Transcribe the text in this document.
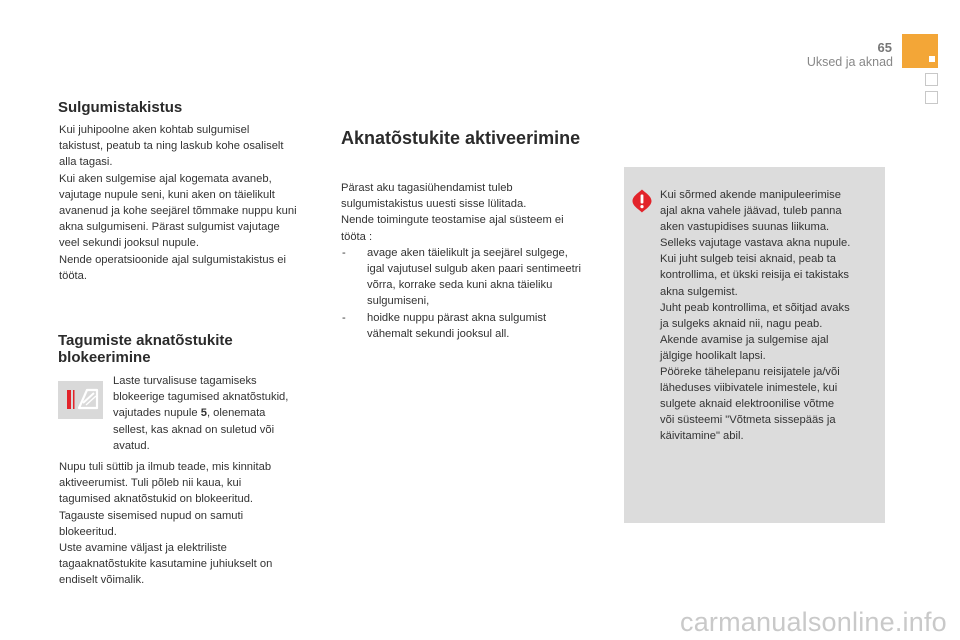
65
Uksed ja aknad
Sulgumistakistus
Kui juhipoolne aken kohtab sulgumisel
takistust, peatub ta ning laskub kohe osaliselt
alla tagasi.
Kui aken sulgemise ajal kogemata avaneb,
vajutage nupule seni, kuni aken on täielikult
avanenud ja kohe seejärel tõmmake nuppu kuni
akna sulgumiseni. Pärast sulgumist vajutage
veel sekundi jooksul nupule.
Nende operatsioonide ajal sulgumistakistus ei
tööta.
Tagumiste aknatõstukite
blokeerimine
Laste turvalisuse tagamiseks
blokeerige tagumised aknatõstukid,
vajutades nupule 5, olenemata
sellest, kas aknad on suletud või
avatud.
Nupu tuli süttib ja ilmub teade, mis kinnitab
aktiveerumist. Tuli põleb nii kaua, kui
tagumised aknatõstukid on blokeeritud.
Tagauste sisemised nupud on samuti
blokeeritud.
Uste avamine väljast ja elektriliste
tagaaknatõstukite kasutamine juhiukselt on
endiselt võimalik.
Aknatõstukite aktiveerimine
Pärast aku tagasiühendamist tuleb
sulgumistakistus uuesti sisse lülitada.
Nende toimingute teostamise ajal süsteem ei
tööta :
- avage aken täielikult ja seejärel sulgege,
igal vajutusel sulgub aken paari sentimeetri
võrra, korrake seda kuni akna täieliku
sulgumiseni,
- hoidke nuppu pärast akna sulgumist
vähemalt sekundi jooksul all.
Kui sõrmed akende manipuleerimise
ajal akna vahele jäävad, tuleb panna
aken vastupidises suunas liikuma.
Selleks vajutage vastava akna nupule.
Kui juht sulgeb teisi aknaid, peab ta
kontrollima, et ükski reisija ei takistaks
akna sulgemist.
Juht peab kontrollima, et sõitjad avaks
ja sulgeks aknaid nii, nagu peab.
Akende avamise ja sulgemise ajal
jälgige hoolikalt lapsi.
Pööreke tähelepanu reisijatele ja/või
läheduses viibivatele inimestele, kui
sulgete aknaid elektroonilise võtme
või süsteemi "Võtmeta sissepääs ja
käivitamine" abil.
carmanualsonline.info
